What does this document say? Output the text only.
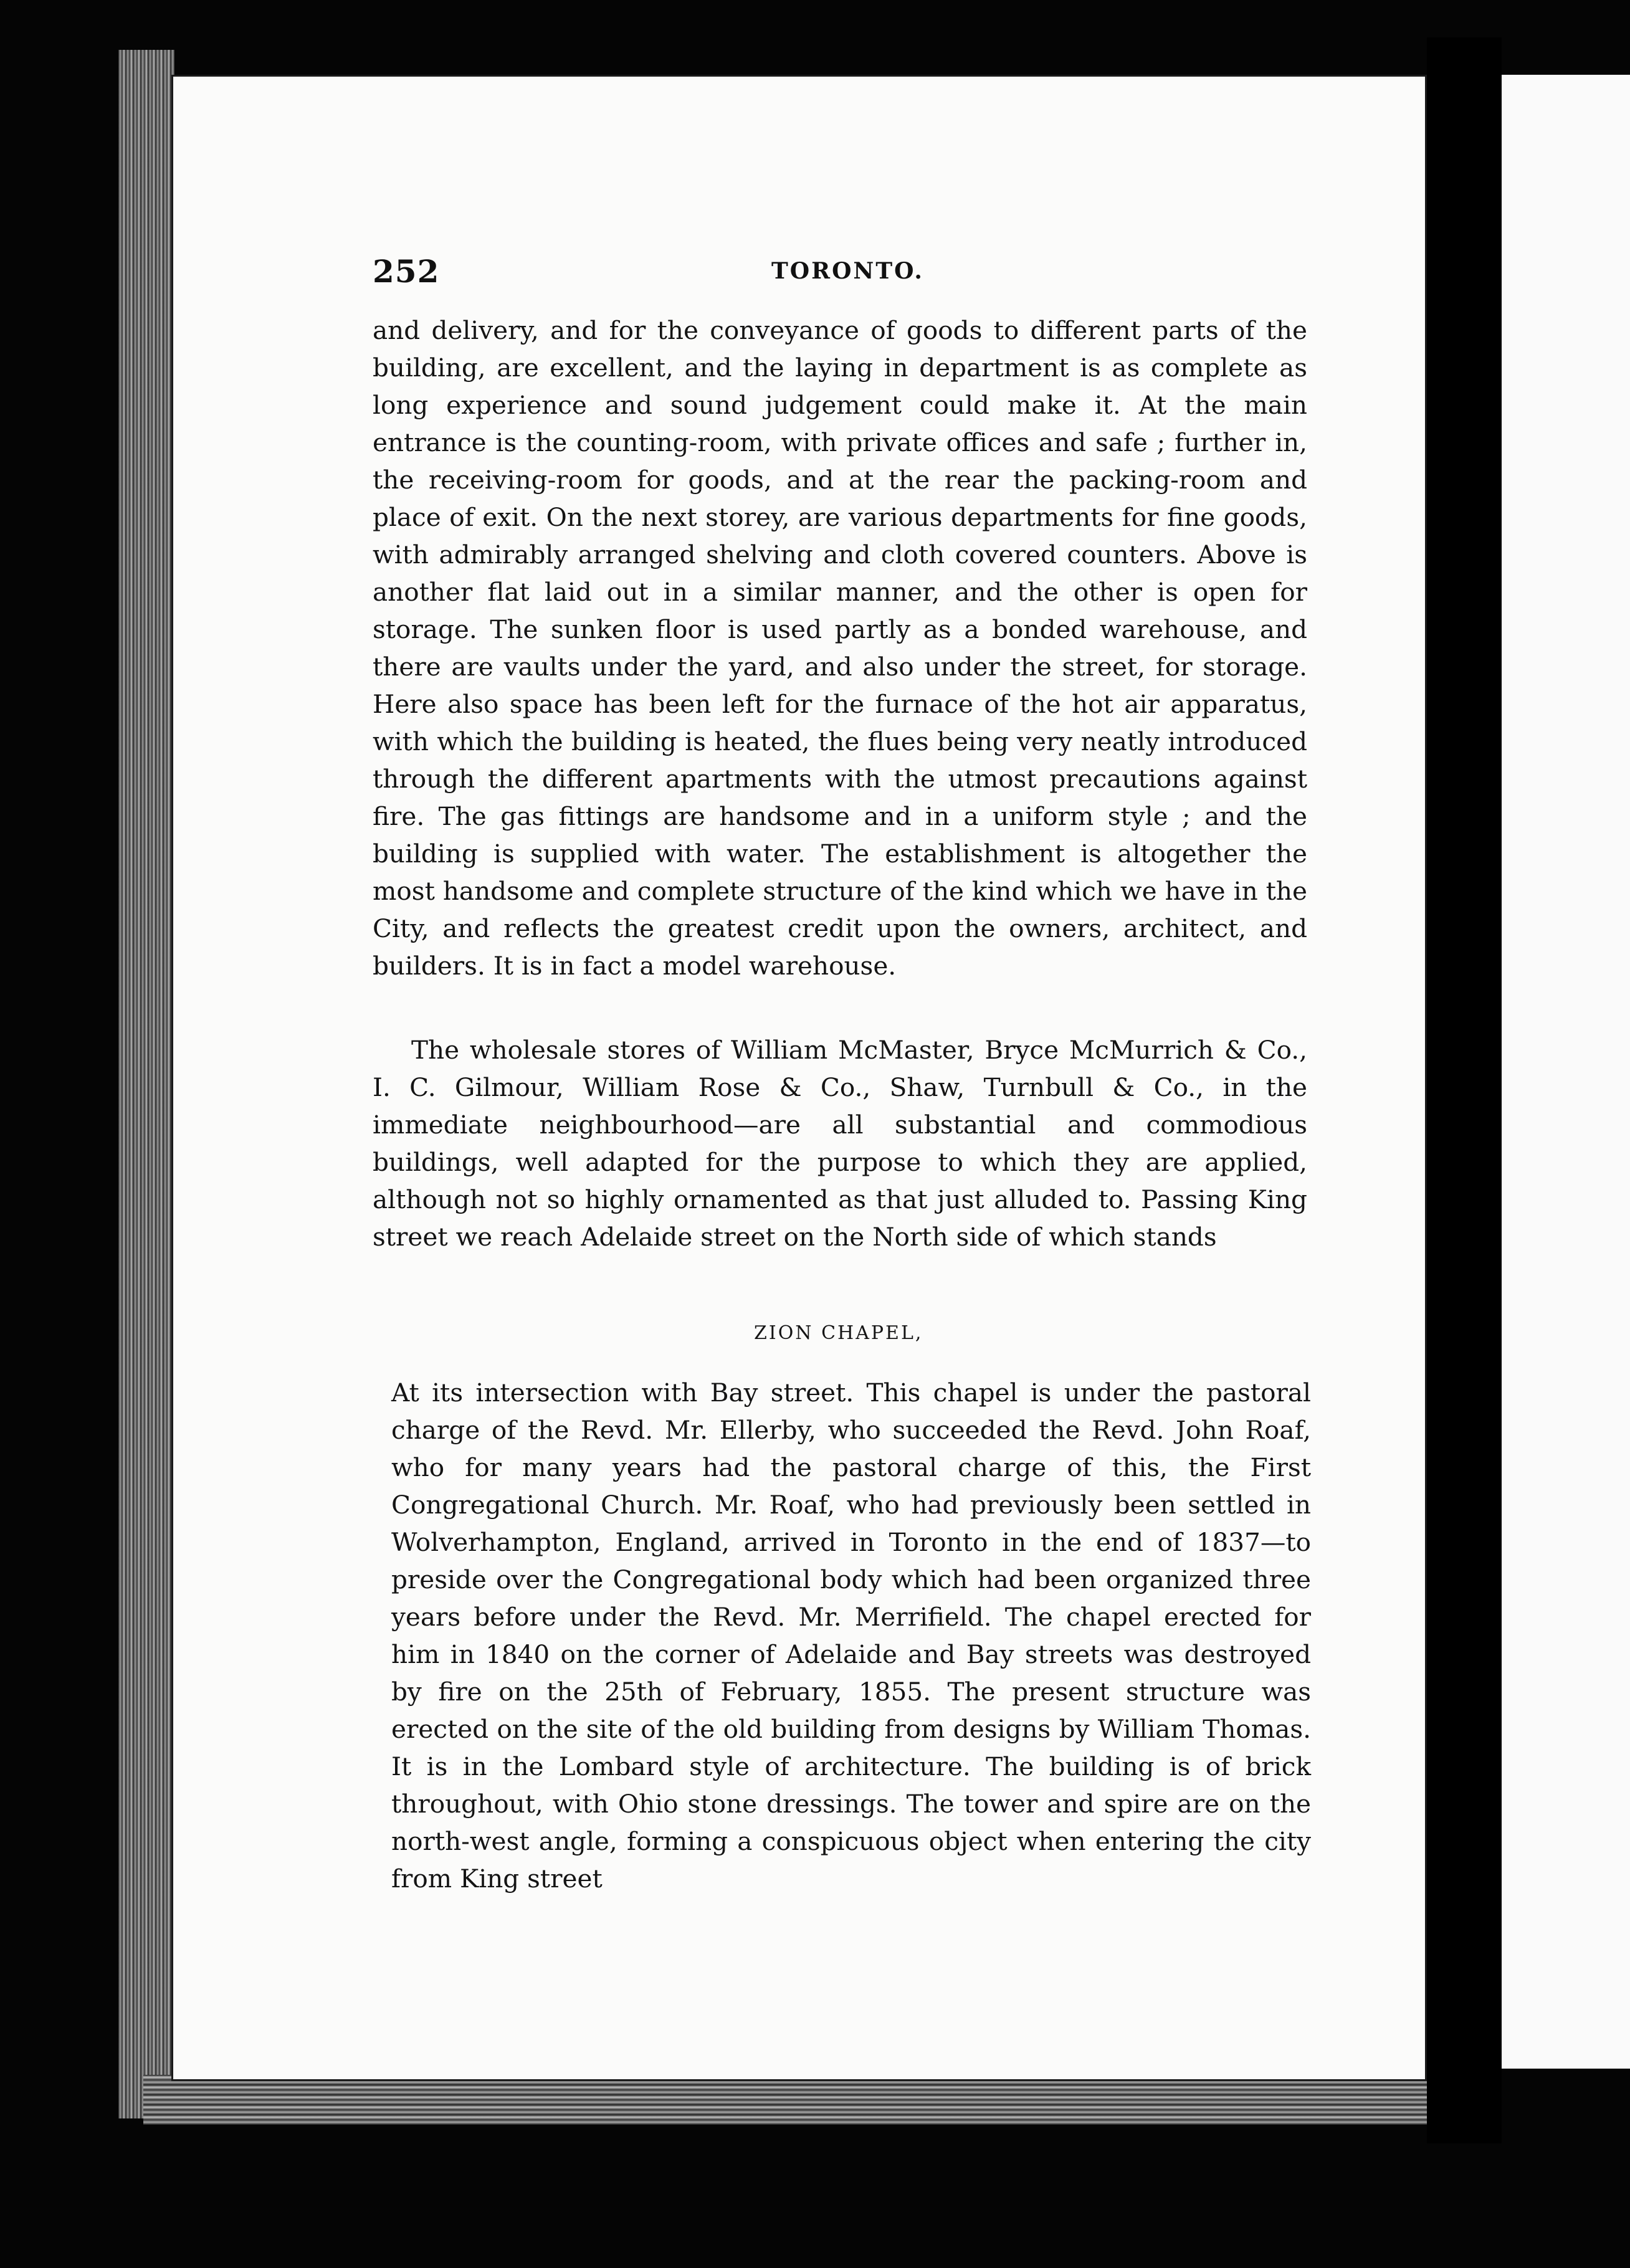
252	TORONTO.

and delivery, and for the conveyance of goods to different parts of the building, are excellent, and the laying in department is as complete as long experience and sound judgement could make it. At the main entrance is the counting-room, with private offices and safe ; further in, the receiving-room for goods, and at the rear the packing-room and place of exit. On the next storey, are various departments for fine goods, with admirably arranged shelving and cloth covered counters. Above is another flat laid out in a similar manner, and the other is open for storage. The sunken floor is used partly as a bonded warehouse, and there are vaults under the yard, and also under the street, for storage. Here also space has been left for the furnace of the hot air apparatus, with which the building is heated, the flues being very neatly introduced through the different apartments with the utmost precautions against fire. The gas fittings are handsome and in a uniform style ; and the building is supplied with water. The establishment is altogether the most handsome and complete structure of the kind which we have in the City, and reflects the greatest credit upon the owners, architect, and builders. It is in fact a model warehouse.

The wholesale stores of William McMaster, Bryce McMurrich & Co., I. C. Gilmour, William Rose & Co., Shaw, Turnbull & Co., in the immediate neighbourhood—are all substantial and commodious buildings, well adapted for the purpose to which they are applied, although not so highly ornamented as that just alluded to. Passing King street we reach Adelaide street on the North side of which stands

ZION CHAPEL,

At its intersection with Bay street. This chapel is under the pastoral charge of the Revd. Mr. Ellerby, who succeeded the Revd. John Roaf, who for many years had the pastoral charge of this, the First Congregational Church. Mr. Roaf, who had previously been settled in Wolverhampton, England, arrived in Toronto in the end of 1837—to preside over the Congregational body which had been organized three years before under the Revd. Mr. Merrifield. The chapel erected for him in 1840 on the corner of Adelaide and Bay streets was destroyed by fire on the 25th of February, 1855. The present structure was erected on the site of the old building from designs by William Thomas. It is in the Lombard style of architecture. The building is of brick throughout, with Ohio stone dressings. The tower and spire are on the north-west angle, forming a conspicuous object when entering the city from King street
